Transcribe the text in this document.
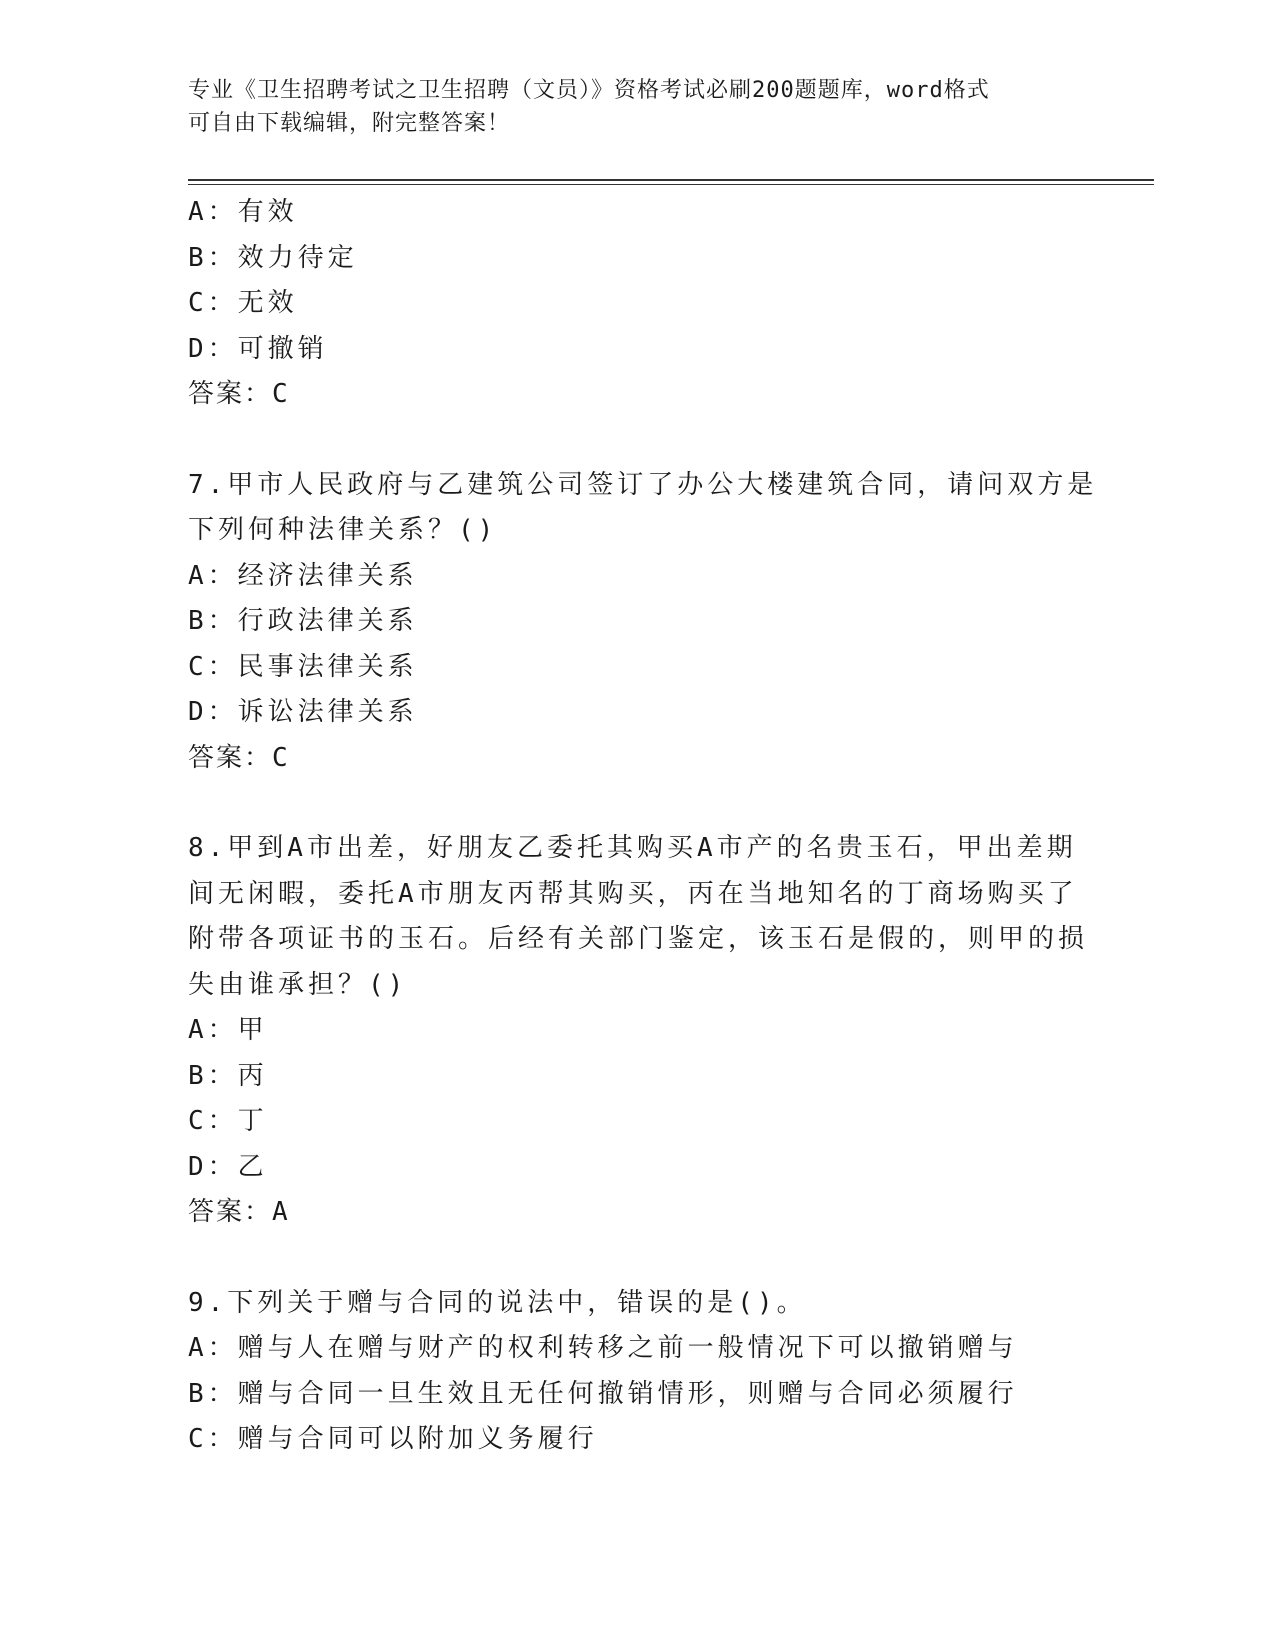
专业《卫生招聘考试之卫生招聘（文员）》资格考试必刷200题题库，word格式
可自由下载编辑，附完整答案！
A：有效
B：效力待定
C：无效
D：可撤销
答案：C
7.甲市人民政府与乙建筑公司签订了办公大楼建筑合同，请问双方是
下列何种法律关系？()
A：经济法律关系
B：行政法律关系
C：民事法律关系
D：诉讼法律关系
答案：C
8.甲到A市出差，好朋友乙委托其购买A市产的名贵玉石，甲出差期
间无闲暇，委托A市朋友丙帮其购买，丙在当地知名的丁商场购买了
附带各项证书的玉石。后经有关部门鉴定，该玉石是假的，则甲的损
失由谁承担？()
A：甲
B：丙
C：丁
D：乙
答案：A
9.下列关于赠与合同的说法中，错误的是()。
A：赠与人在赠与财产的权利转移之前一般情况下可以撤销赠与
B：赠与合同一旦生效且无任何撤销情形，则赠与合同必须履行
C：赠与合同可以附加义务履行
